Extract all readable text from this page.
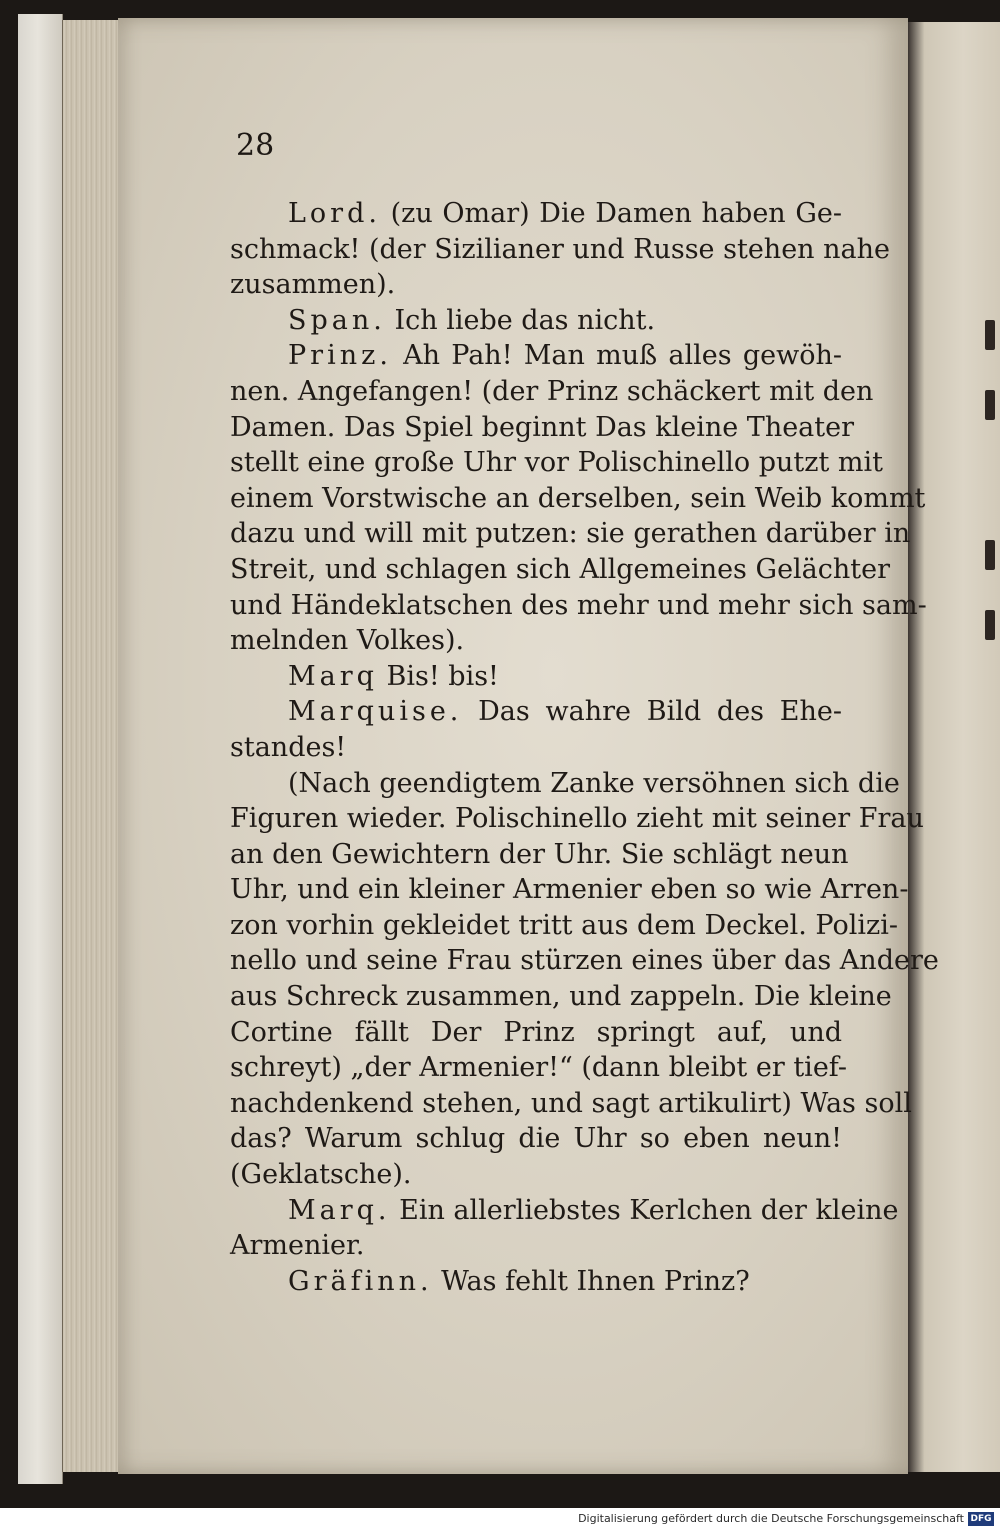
28
Lord. (zu Omar) Die Damen haben Ge-
schmack! (der Sizilianer und Russe stehen nahe
zusammen).
Span. Ich liebe das nicht.
Prinz. Ah Pah! Man muß alles gewöh-
nen. Angefangen! (der Prinz schäckert mit den
Damen. Das Spiel beginnt Das kleine Theater
stellt eine große Uhr vor Polischinello putzt mit
einem Vorstwische an derselben, sein Weib kommt
dazu und will mit putzen: sie gerathen darüber in
Streit, und schlagen sich Allgemeines Gelächter
und Händeklatschen des mehr und mehr sich sam-
melnden Volkes).
Marq Bis! bis!
Marquise. Das wahre Bild des Ehe-
standes!
(Nach geendigtem Zanke versöhnen sich die
Figuren wieder. Polischinello zieht mit seiner Frau
an den Gewichtern der Uhr. Sie schlägt neun
Uhr, und ein kleiner Armenier eben so wie Arren-
zon vorhin gekleidet tritt aus dem Deckel. Polizi-
nello und seine Frau stürzen eines über das Andere
aus Schreck zusammen, und zappeln. Die kleine
Cortine fällt Der Prinz springt auf, und
schreyt) „der Armenier!“ (dann bleibt er tief-
nachdenkend stehen, und sagt artikulirt) Was soll
das? Warum schlug die Uhr so eben neun!
(Geklatsche).
Marq. Ein allerliebstes Kerlchen der kleine
Armenier.
Gräfinn. Was fehlt Ihnen Prinz?
Digitalisierung gefördert durch die Deutsche Forschungsgemeinschaft DFG
